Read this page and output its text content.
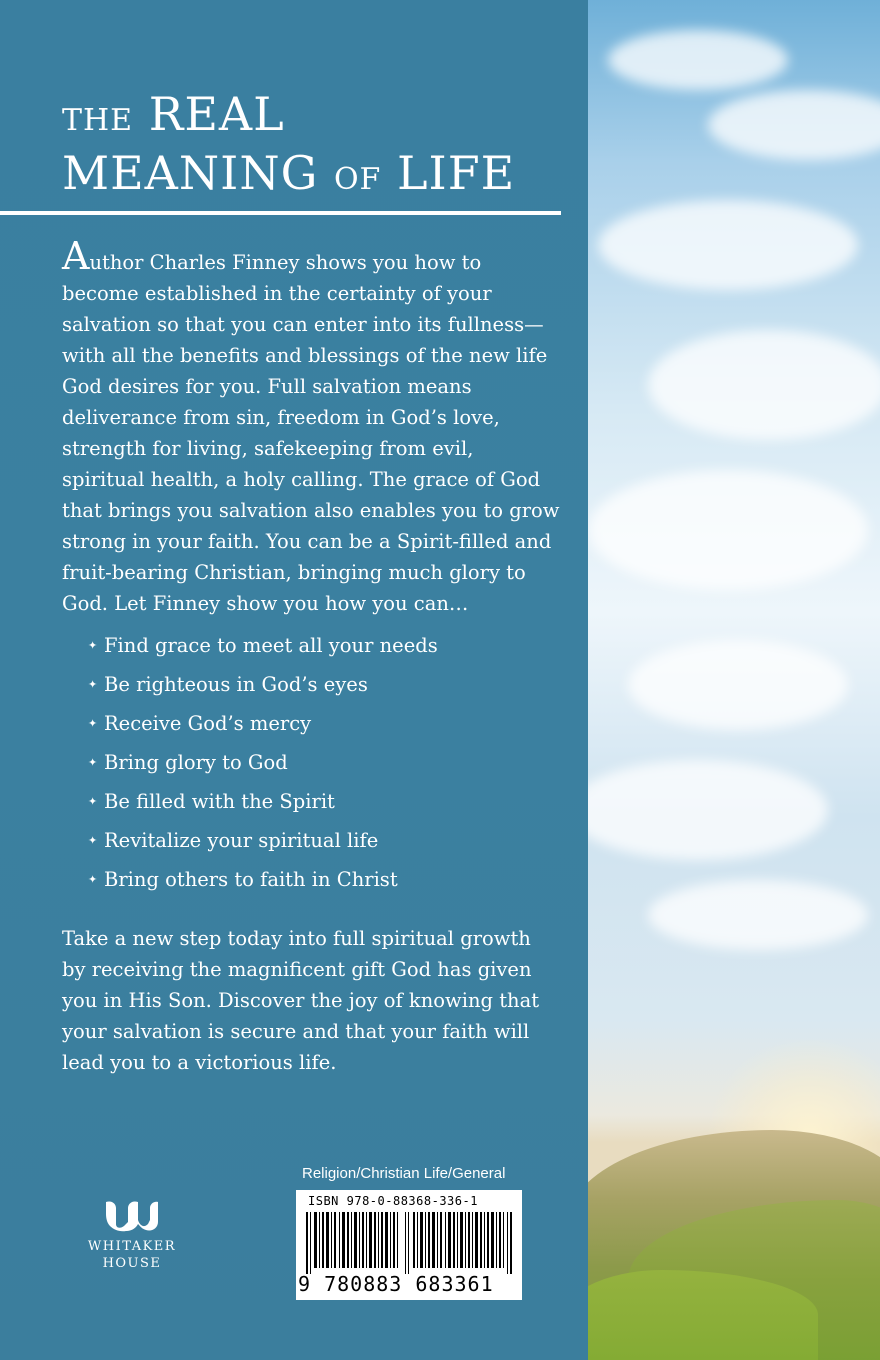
THE REAL
MEANING OF LIFE
Author Charles Finney shows you how to become established in the certainty of your salvation so that you can enter into its fullness—with all the benefits and blessings of the new life God desires for you. Full salvation means deliverance from sin, freedom in God’s love, strength for living, safekeeping from evil, spiritual health, a holy calling. The grace of God that brings you salvation also enables you to grow strong in your faith. You can be a Spirit-filled and fruit-bearing Christian, bringing much glory to God. Let Finney show you how you can…
✦ Find grace to meet all your needs
✦ Be righteous in God’s eyes
✦ Receive God’s mercy
✦ Bring glory to God
✦ Be filled with the Spirit
✦ Revitalize your spiritual life
✦ Bring others to faith in Christ
Take a new step today into full spiritual growth by receiving the magnificent gift God has given you in His Son. Discover the joy of knowing that your salvation is secure and that your faith will lead you to a victorious life.
WHITAKER
HOUSE
Religion/Christian Life/General
ISBN 978-0-88368-336-1
9 780883 683361
